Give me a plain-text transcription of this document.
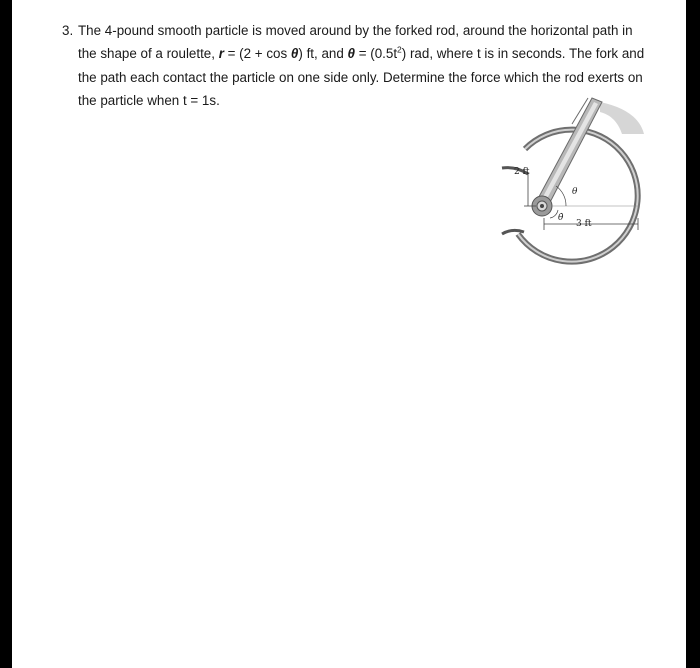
3. The 4-pound smooth particle is moved around by the forked rod, around the horizontal path in
the shape of a roulette, r = (2 + cos θ) ft, and $\theta = (0.5t^2)$ rad, where t is in seconds. The fork and
the path each contact the particle on one side only. Determine the force which the rod exerts on
the particle when t = 1s.
2 ft
3 ft
θ
θ̇
